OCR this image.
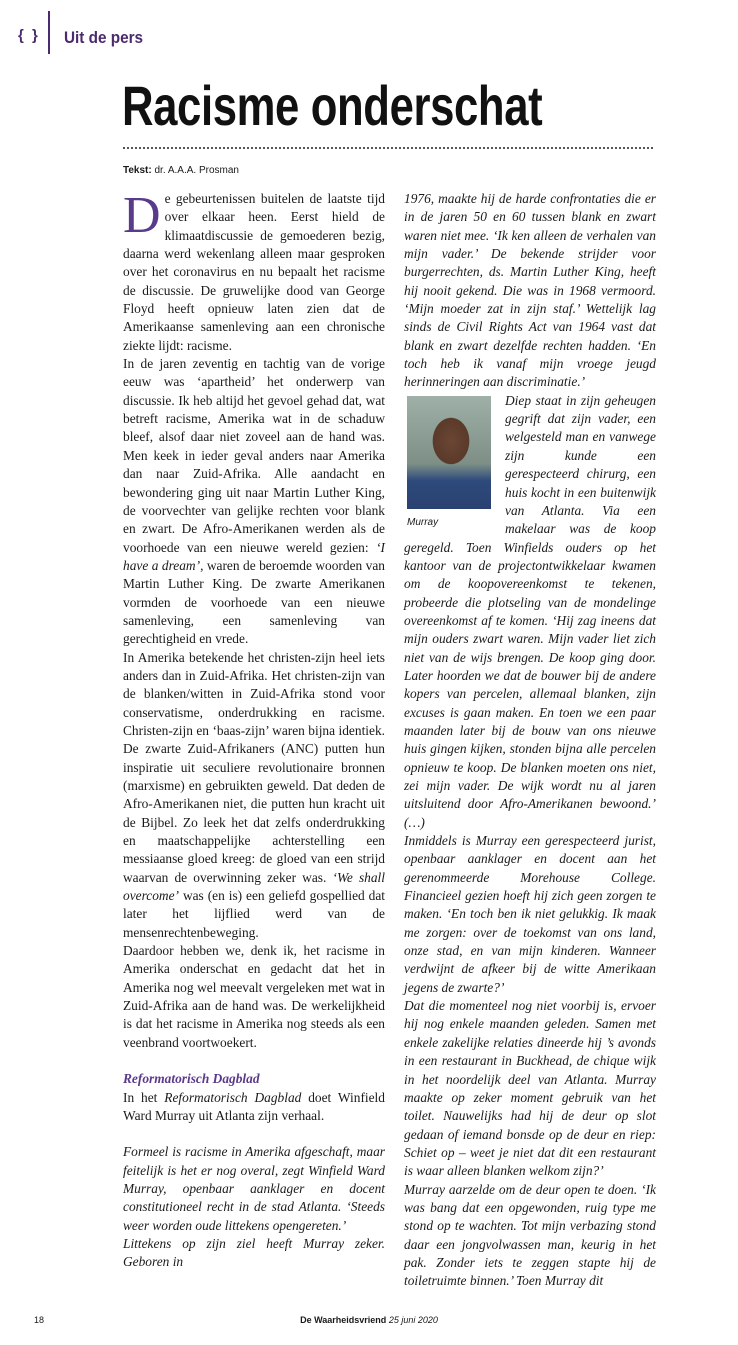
{ } Uit de pers
Racisme onderschat
Tekst: dr. A.A.A. Prosman
D e gebeurtenissen buitelen de laatste tijd over elkaar heen. Eerst hield de klimaatdiscussie de gemoederen bezig, daarna werd wekenlang alleen maar gesproken over het coronavirus en nu bepaalt het racisme de discussie. De gruwelijke dood van George Floyd heeft opnieuw laten zien dat de Amerikaanse samenleving aan een chronische ziekte lijdt: racisme.

In de jaren zeventig en tachtig van de vorige eeuw was ‘apartheid’ het onderwerp van discussie. Ik heb altijd het gevoel gehad dat, wat betreft racisme, Amerika wat in de schaduw bleef, alsof daar niet zoveel aan de hand was. Men keek in ieder geval anders naar Amerika dan naar Zuid-Afrika. Alle aandacht en bewondering ging uit naar Martin Luther King, de voorvechter van gelijke rechten voor blank en zwart. De Afro-Amerikanen werden als de voorhoede van een nieuwe wereld gezien: ‘I have a dream’, waren de beroemde woorden van Martin Luther King. De zwarte Amerikanen vormden de voorhoede van een nieuwe samenleving, een samenleving van gerechtigheid en vrede.

In Amerika betekende het christen-zijn heel iets anders dan in Zuid-Afrika. Het christen-zijn van de blanken/witten in Zuid-Afrika stond voor conservatisme, onderdrukking en racisme. Christen-zijn en ‘baas-zijn’ waren bijna identiek. De zwarte Zuid-Afrikaners (ANC) putten hun inspiratie uit seculiere revolutionaire bronnen (marxisme) en gebruikten geweld. Dat deden de Afro-Amerikanen niet, die putten hun kracht uit de Bijbel. Zo leek het dat zelfs onderdrukking en maatschappelijke achterstelling een messiaanse gloed kreeg: de gloed van een strijd waarvan de overwinning zeker was. ‘We shall overcome’ was (en is) een geliefd gospellied dat later het lijflied werd van de mensenrechtenbeweging.

Daardoor hebben we, denk ik, het racisme in Amerika onderschat en gedacht dat het in Amerika nog wel meevalt vergeleken met wat in Zuid-Afrika aan de hand was. De werkelijkheid is dat het racisme in Amerika nog steeds als een veenbrand voortwoekert.

Reformatorisch Dagblad

In het Reformatorisch Dagblad doet Winfield Ward Murray uit Atlanta zijn verhaal.

Formeel is racisme in Amerika afgeschaft, maar feitelijk is het er nog overal, zegt Winfield Ward Murray, openbaar aanklager en docent constitutioneel recht in de stad Atlanta. ‘Steeds weer worden oude littekens opengereten.’

Littekens op zijn ziel heeft Murray zeker. Geboren in

1976, maakte hij de harde confrontaties die er in de jaren 50 en 60 tussen blank en zwart waren niet mee. ‘Ik ken alleen de verhalen van mijn vader.’ De bekende strijder voor burgerrechten, ds. Martin Luther King, heeft hij nooit gekend. Die was in 1968 vermoord. ‘Mijn moeder zat in zijn staf.’ Wettelijk lag sinds de Civil Rights Act van 1964 vast dat blank en zwart dezelfde rechten hadden. ‘En toch heb ik vanaf mijn vroege jeugd herinneringen aan discriminatie.’

Murray

Diep staat in zijn geheugen gegrift dat zijn vader, een welgesteld man en vanwege zijn kunde een gerespecteerd chirurg, een huis kocht in een buitenwijk van Atlanta. Via een makelaar was de koop geregeld. Toen Winfields ouders op het kantoor van de projectontwikkelaar kwamen om de koopovereenkomst te tekenen, probeerde die plotseling van de mondelinge overeenkomst af te komen. ‘Hij zag ineens dat mijn ouders zwart waren. Mijn vader liet zich niet van de wijs brengen. De koop ging door. Later hoorden we dat de bouwer bij de andere kopers van percelen, allemaal blanken, zijn excuses is gaan maken. En toen we een paar maanden later bij de bouw van ons nieuwe huis gingen kijken, stonden bijna alle percelen opnieuw te koop. De blanken moeten ons niet, zei mijn vader. De wijk wordt nu al jaren uitsluitend door Afro-Amerikanen bewoond.’ (…)

Inmiddels is Murray een gerespecteerd jurist, openbaar aanklager en docent aan het gerenommeerde Morehouse College. Financieel gezien hoeft hij zich geen zorgen te maken. ‘En toch ben ik niet gelukkig. Ik maak me zorgen: over de toekomst van ons land, onze stad, en van mijn kinderen. Wanneer verdwijnt de afkeer bij de witte Amerikaan jegens de zwarte?’

Dat die momenteel nog niet voorbij is, ervoer hij nog enkele maanden geleden. Samen met enkele zakelijke relaties dineerde hij ’s avonds in een restaurant in Buckhead, de chique wijk in het noordelijk deel van Atlanta. Murray maakte op zeker moment gebruik van het toilet. Nauwelijks had hij de deur op slot gedaan of iemand bonsde op de deur en riep: Schiet op – weet je niet dat dit een restaurant is waar alleen blanken welkom zijn?’

Murray aarzelde om de deur open te doen. ‘Ik was bang dat een opgewonden, ruig type me stond op te wachten. Tot mijn verbazing stond daar een jongvolwassen man, keurig in het pak. Zonder iets te zeggen stapte hij de toiletruimte binnen.’ Toen Murray dit

18	De Waarheidsvriend 25 juni 2020
